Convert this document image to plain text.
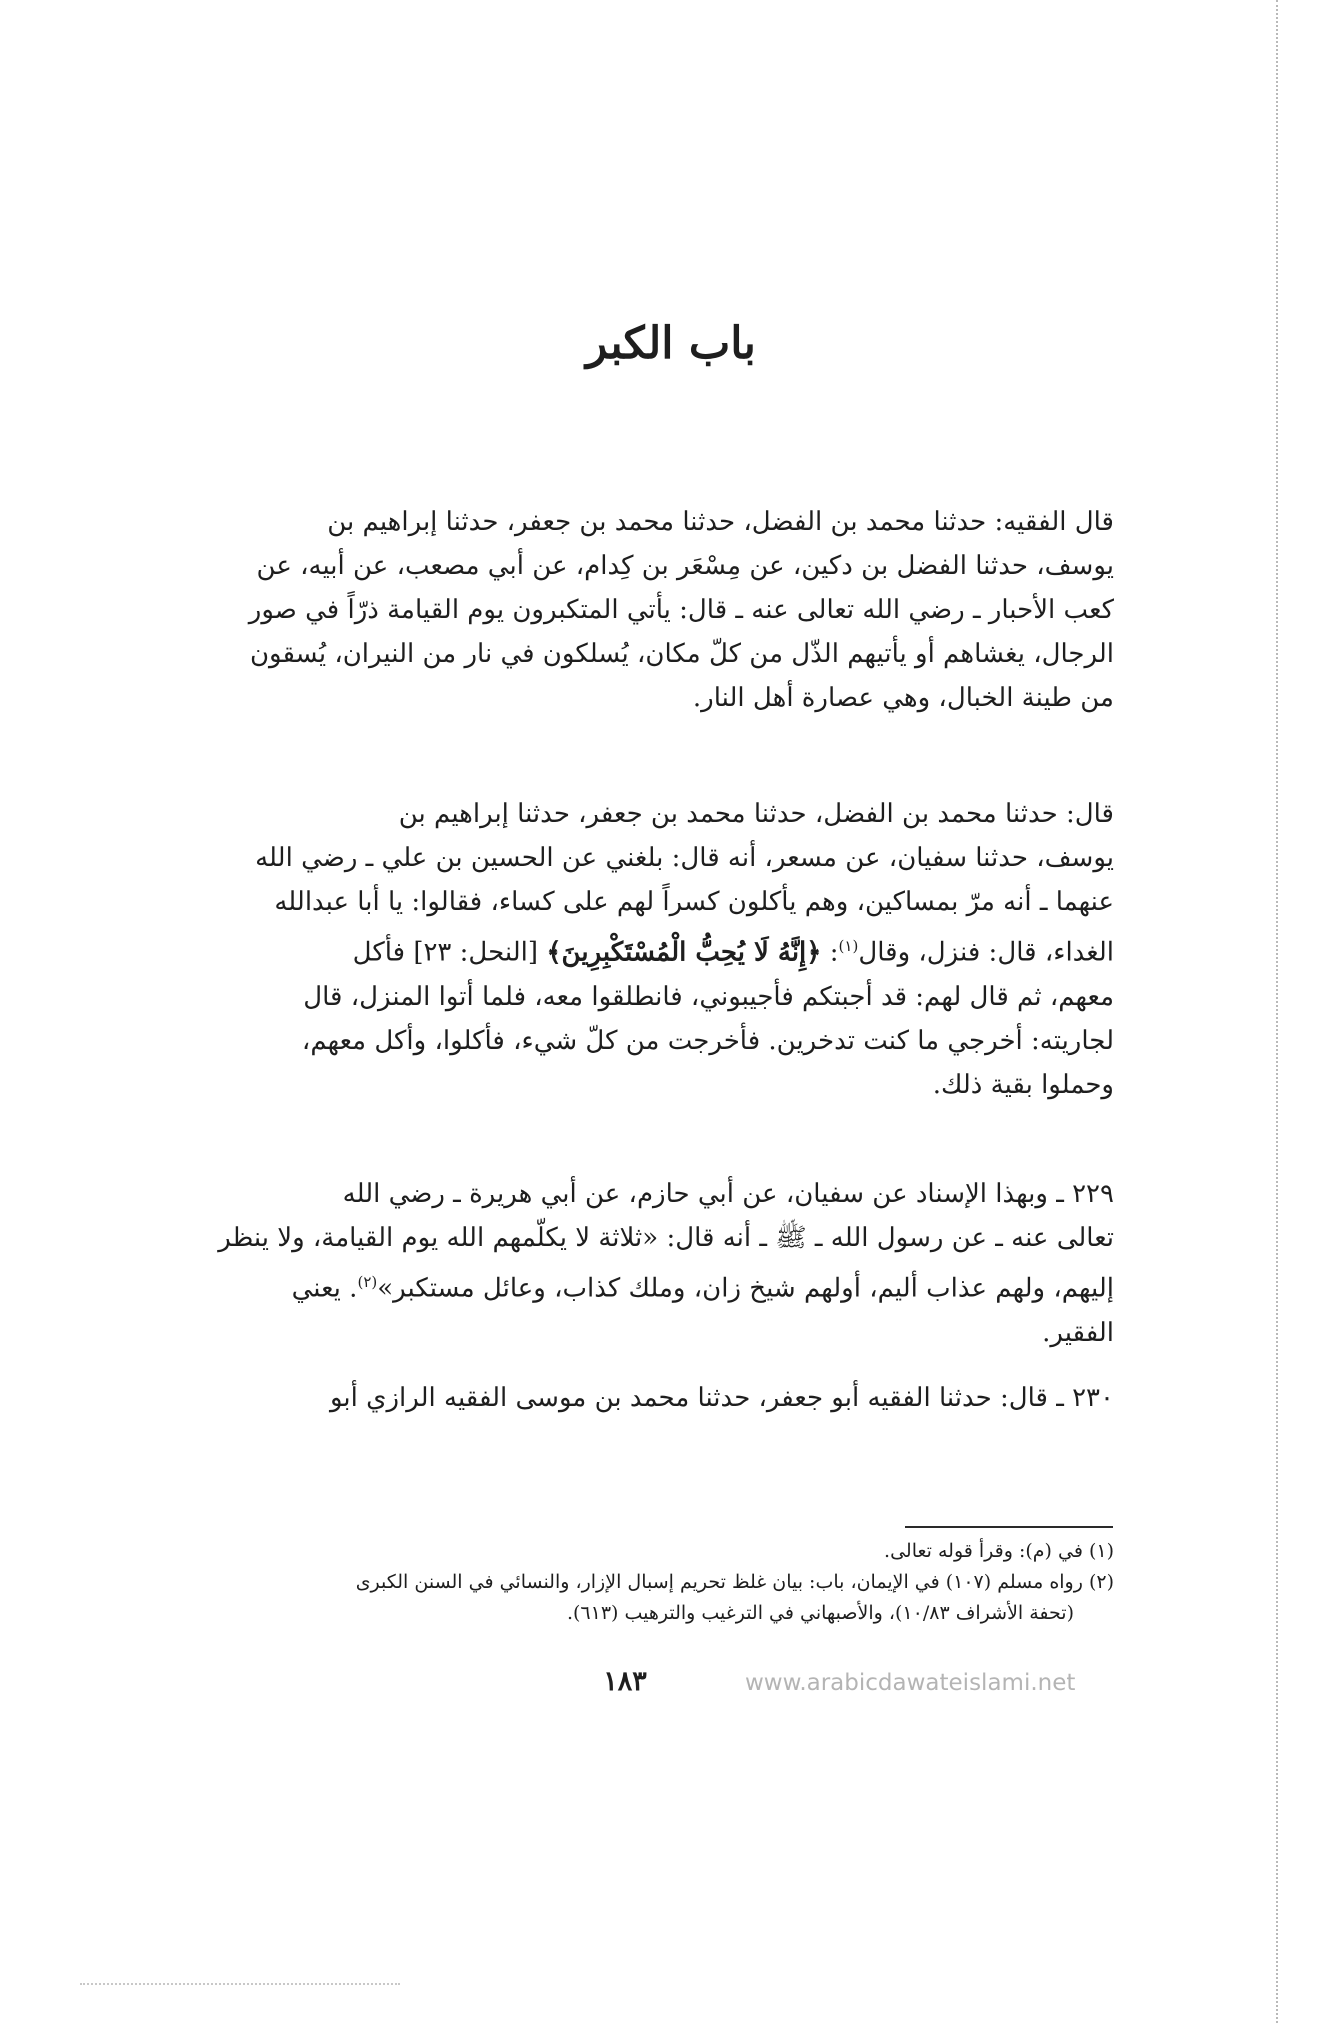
باب الكبر
قال الفقيه: حدثنا محمد بن الفضل، حدثنا محمد بن جعفر، حدثنا إبراهيم بن
يوسف، حدثنا الفضل بن دكين، عن مِسْعَر بن كِدام، عن أبي مصعب، عن أبيه، عن
كعب الأحبار ـ رضي الله تعالى عنه ـ قال: يأتي المتكبرون يوم القيامة ذرّاً في صور
الرجال، يغشاهم أو يأتيهم الذّل من كلّ مكان، يُسلكون في نار من النيران، يُسقون
من طينة الخبال، وهي عصارة أهل النار.
قال: حدثنا محمد بن الفضل، حدثنا محمد بن جعفر، حدثنا إبراهيم بن
يوسف، حدثنا سفيان، عن مسعر، أنه قال: بلغني عن الحسين بن علي ـ رضي الله
عنهما ـ أنه مرّ بمساكين، وهم يأكلون كسراً لهم على كساء، فقالوا: يا أبا عبدالله
الغداء، قال: فنزل، وقال$^{(١)}$: ﴿إِنَّهُ لَا يُحِبُّ الْمُسْتَكْبِرِينَ﴾ [النحل: ٢٣] فأكل
معهم، ثم قال لهم: قد أجبتكم فأجيبوني، فانطلقوا معه، فلما أتوا المنزل، قال
لجاريته: أخرجي ما كنت تدخرين. فأخرجت من كلّ شيء، فأكلوا، وأكل معهم،
وحملوا بقية ذلك.
٢٢٩ ـ وبهذا الإسناد عن سفيان، عن أبي حازم، عن أبي هريرة ـ رضي الله
تعالى عنه ـ عن رسول الله ـ ﷺ ـ أنه قال: «ثلاثة لا يكلّمهم الله يوم القيامة، ولا ينظر
إليهم، ولهم عذاب أليم، أولهم شيخ زان، وملك كذاب، وعائل مستكبر»$^{(٢)}$. يعني
الفقير.
٢٣٠ ـ قال: حدثنا الفقيه أبو جعفر، حدثنا محمد بن موسى الفقيه الرازي أبو
(١) في (م): وقرأ قوله تعالى.
(٢) رواه مسلم (١٠٧) في الإيمان، باب: بيان غلظ تحريم إسبال الإزار، والنسائي في السنن الكبرى
(تحفة الأشراف ١٠/٨٣)، والأصبهاني في الترغيب والترهيب (٦١٣).
١٨٣	www.arabicdawateislami.net
